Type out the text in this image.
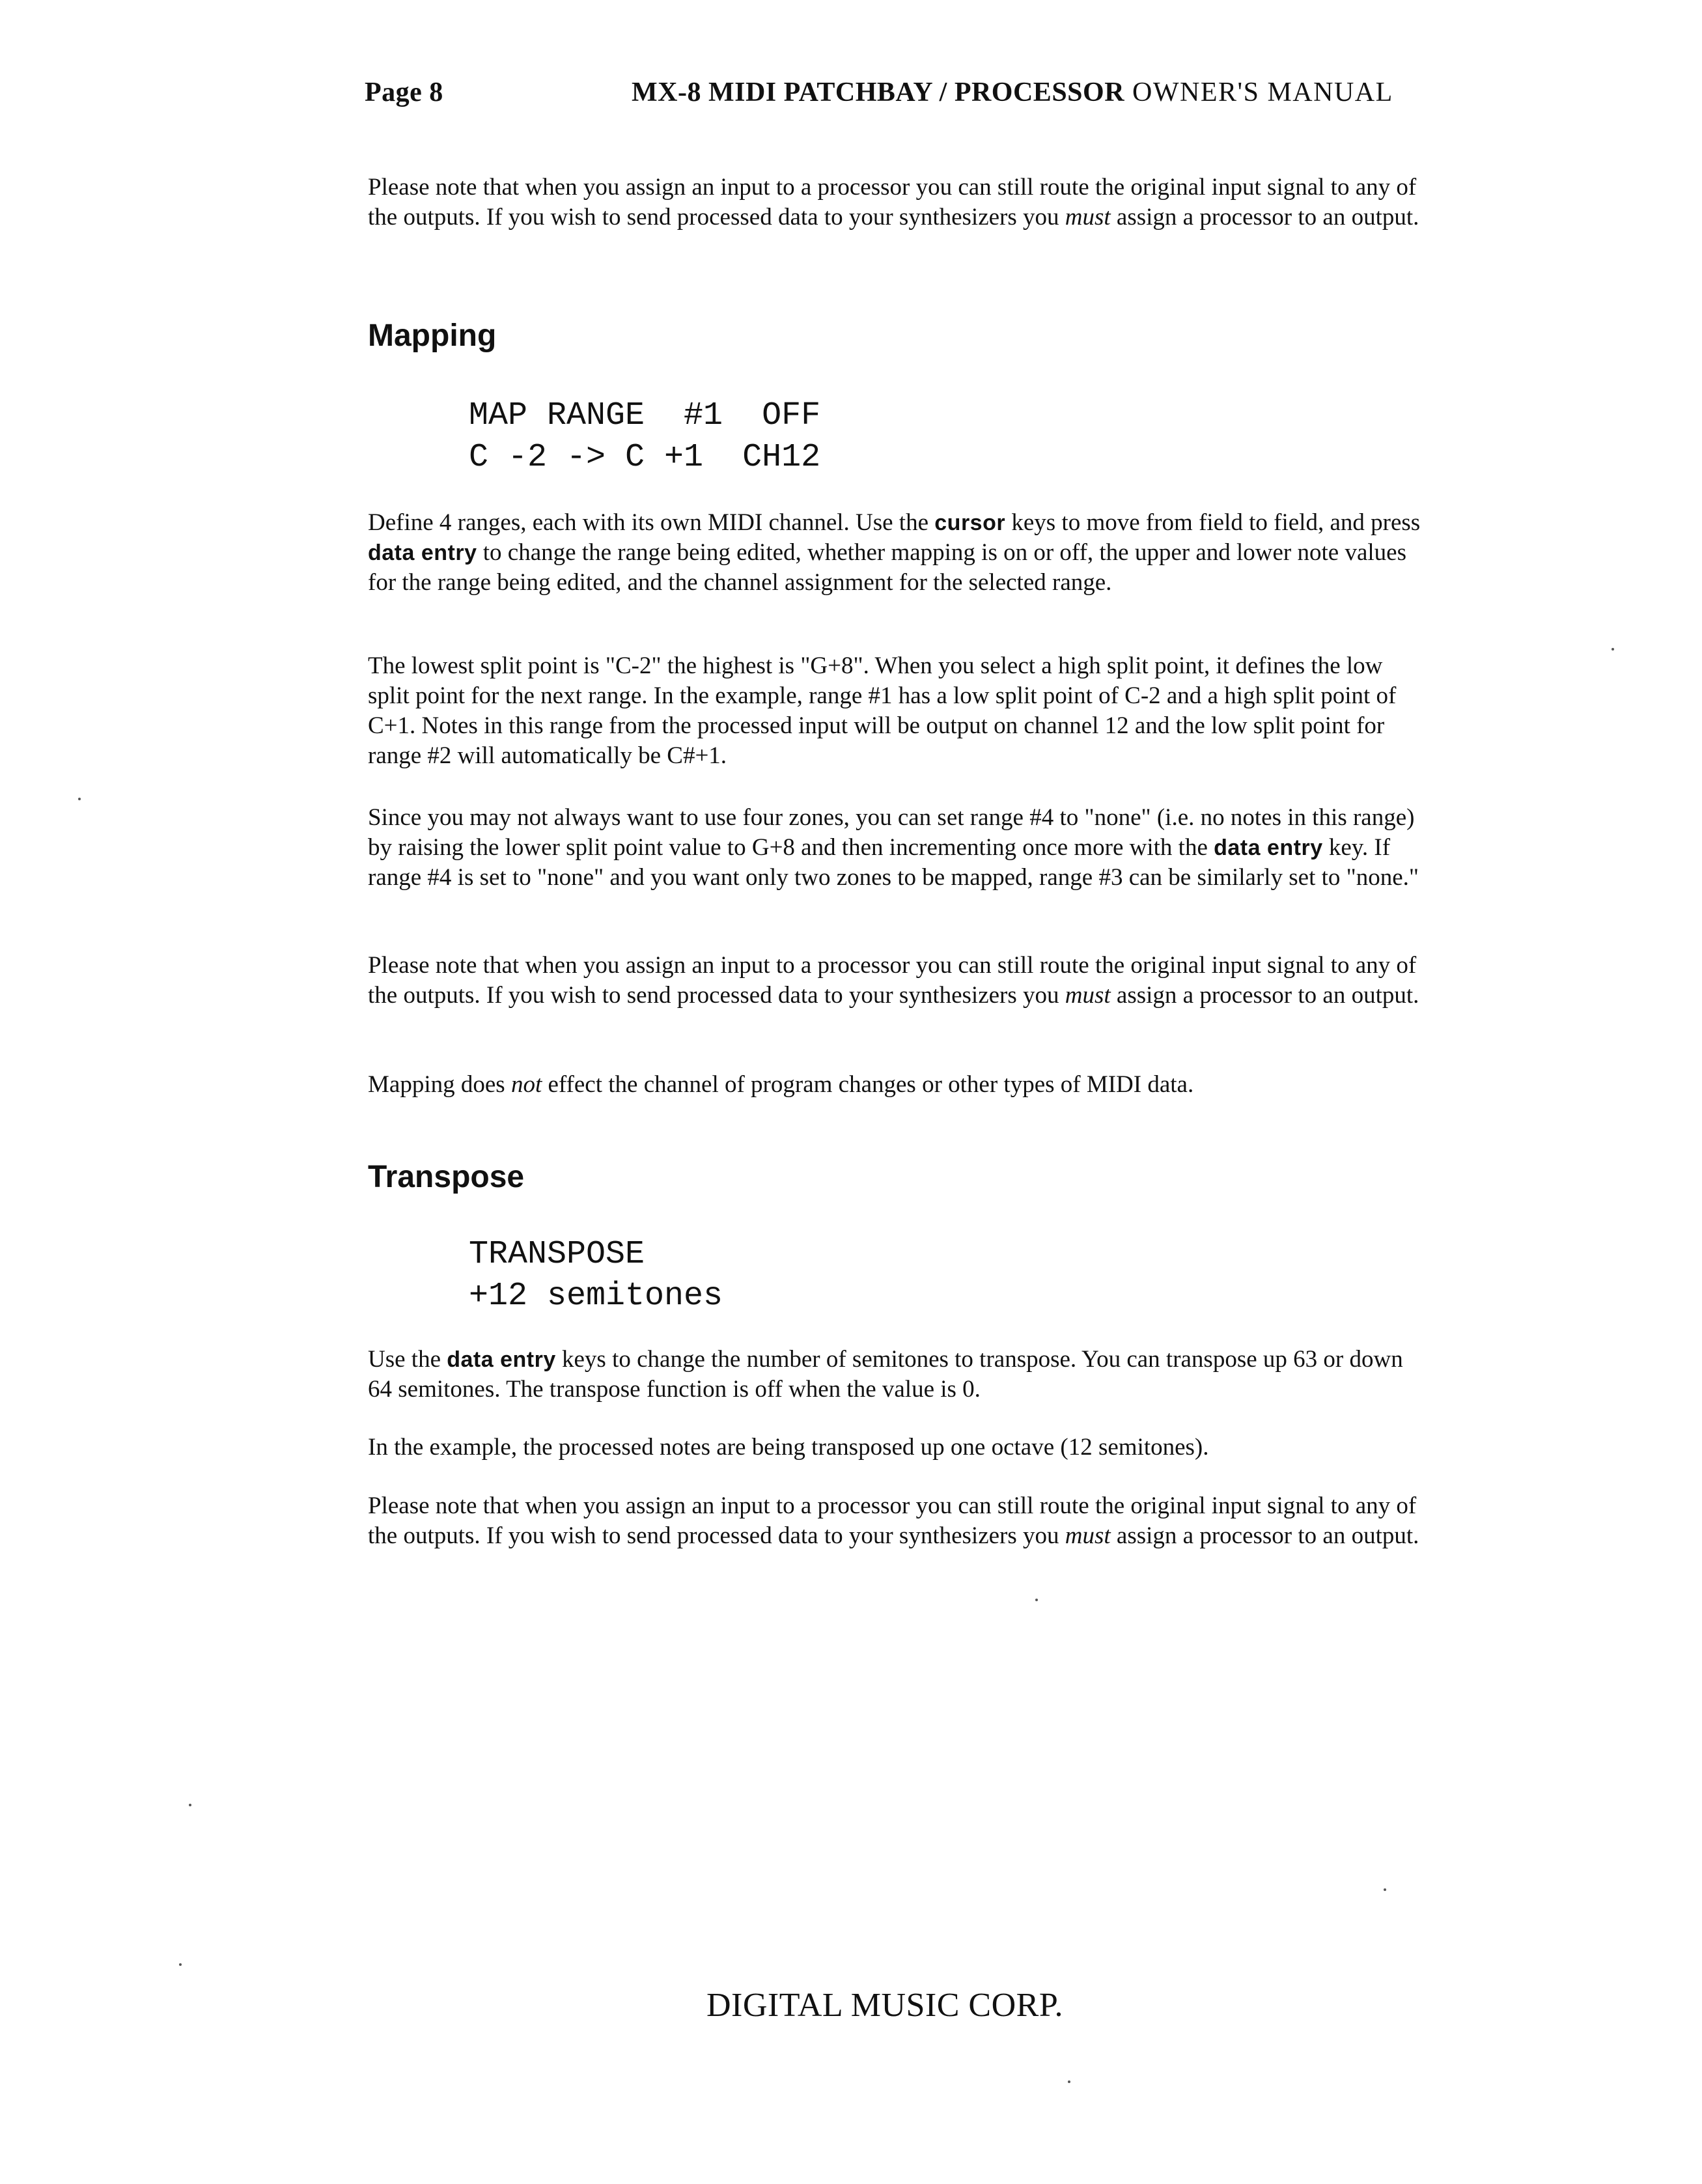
Page 8	MX-8 MIDI PATCHBAY / PROCESSOR OWNER'S MANUAL

Please note that when you assign an input to a processor you can still route the original input signal to any of the outputs. If you wish to send processed data to your synthesizers you must assign a processor to an output.

Mapping
MAP RANGE  #1  OFF
C -2 -> C +1  CH12

Define 4 ranges, each with its own MIDI channel. Use the cursor keys to move from field to field, and press data entry to change the range being edited, whether mapping is on or off, the upper and lower note values for the range being edited, and the channel assignment for the selected range.

The lowest split point is "C-2" the highest is "G+8". When you select a high split point, it defines the low split point for the next range. In the example, range #1 has a low split point of C-2 and a high split point of C+1. Notes in this range from the processed input will be output on channel 12 and the low split point for range #2 will automatically be C#+1.

Since you may not always want to use four zones, you can set range #4 to "none" (i.e. no notes in this range) by raising the lower split point value to G+8 and then incrementing once more with the data entry key. If range #4 is set to "none" and you want only two zones to be mapped, range #3 can be similarly set to "none."

Please note that when you assign an input to a processor you can still route the original input signal to any of the outputs. If you wish to send processed data to your synthesizers you must assign a processor to an output.

Mapping does not effect the channel of program changes or other types of MIDI data.

Transpose
TRANSPOSE
+12 semitones

Use the data entry keys to change the number of semitones to transpose. You can transpose up 63 or down 64 semitones. The transpose function is off when the value is 0.

In the example, the processed notes are being transposed up one octave (12 semitones).

Please note that when you assign an input to a processor you can still route the original input signal to any of the outputs. If you wish to send processed data to your synthesizers you must assign a processor to an output.

DIGITAL MUSIC CORP.
